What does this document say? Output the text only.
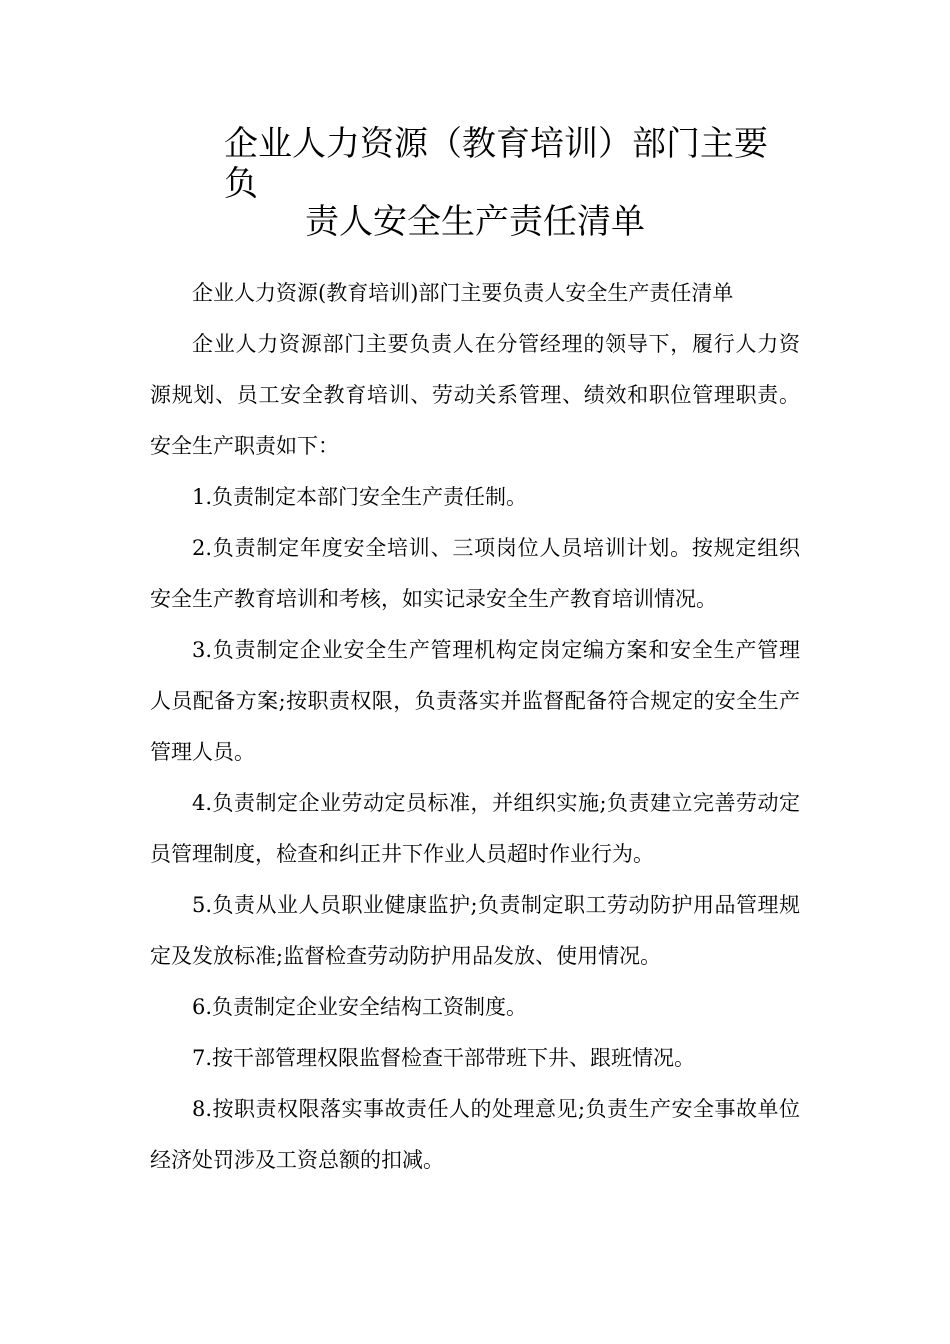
企业人力资源（教育培训）部门主要负
责人安全生产责任清单

企业人力资源(教育培训)部门主要负责人安全生产责任清单

企业人力资源部门主要负责人在分管经理的领导下，履行人力资源规划、员工安全教育培训、劳动关系管理、绩效和职位管理职责。安全生产职责如下：

1.负责制定本部门安全生产责任制。

2.负责制定年度安全培训、三项岗位人员培训计划。按规定组织安全生产教育培训和考核，如实记录安全生产教育培训情况。

3.负责制定企业安全生产管理机构定岗定编方案和安全生产管理人员配备方案;按职责权限，负责落实并监督配备符合规定的安全生产管理人员。

4.负责制定企业劳动定员标准，并组织实施;负责建立完善劳动定员管理制度，检查和纠正井下作业人员超时作业行为。

5.负责从业人员职业健康监护;负责制定职工劳动防护用品管理规定及发放标准;监督检查劳动防护用品发放、使用情况。

6.负责制定企业安全结构工资制度。

7.按干部管理权限监督检查干部带班下井、跟班情况。

8.按职责权限落实事故责任人的处理意见;负责生产安全事故单位经济处罚涉及工资总额的扣减。
